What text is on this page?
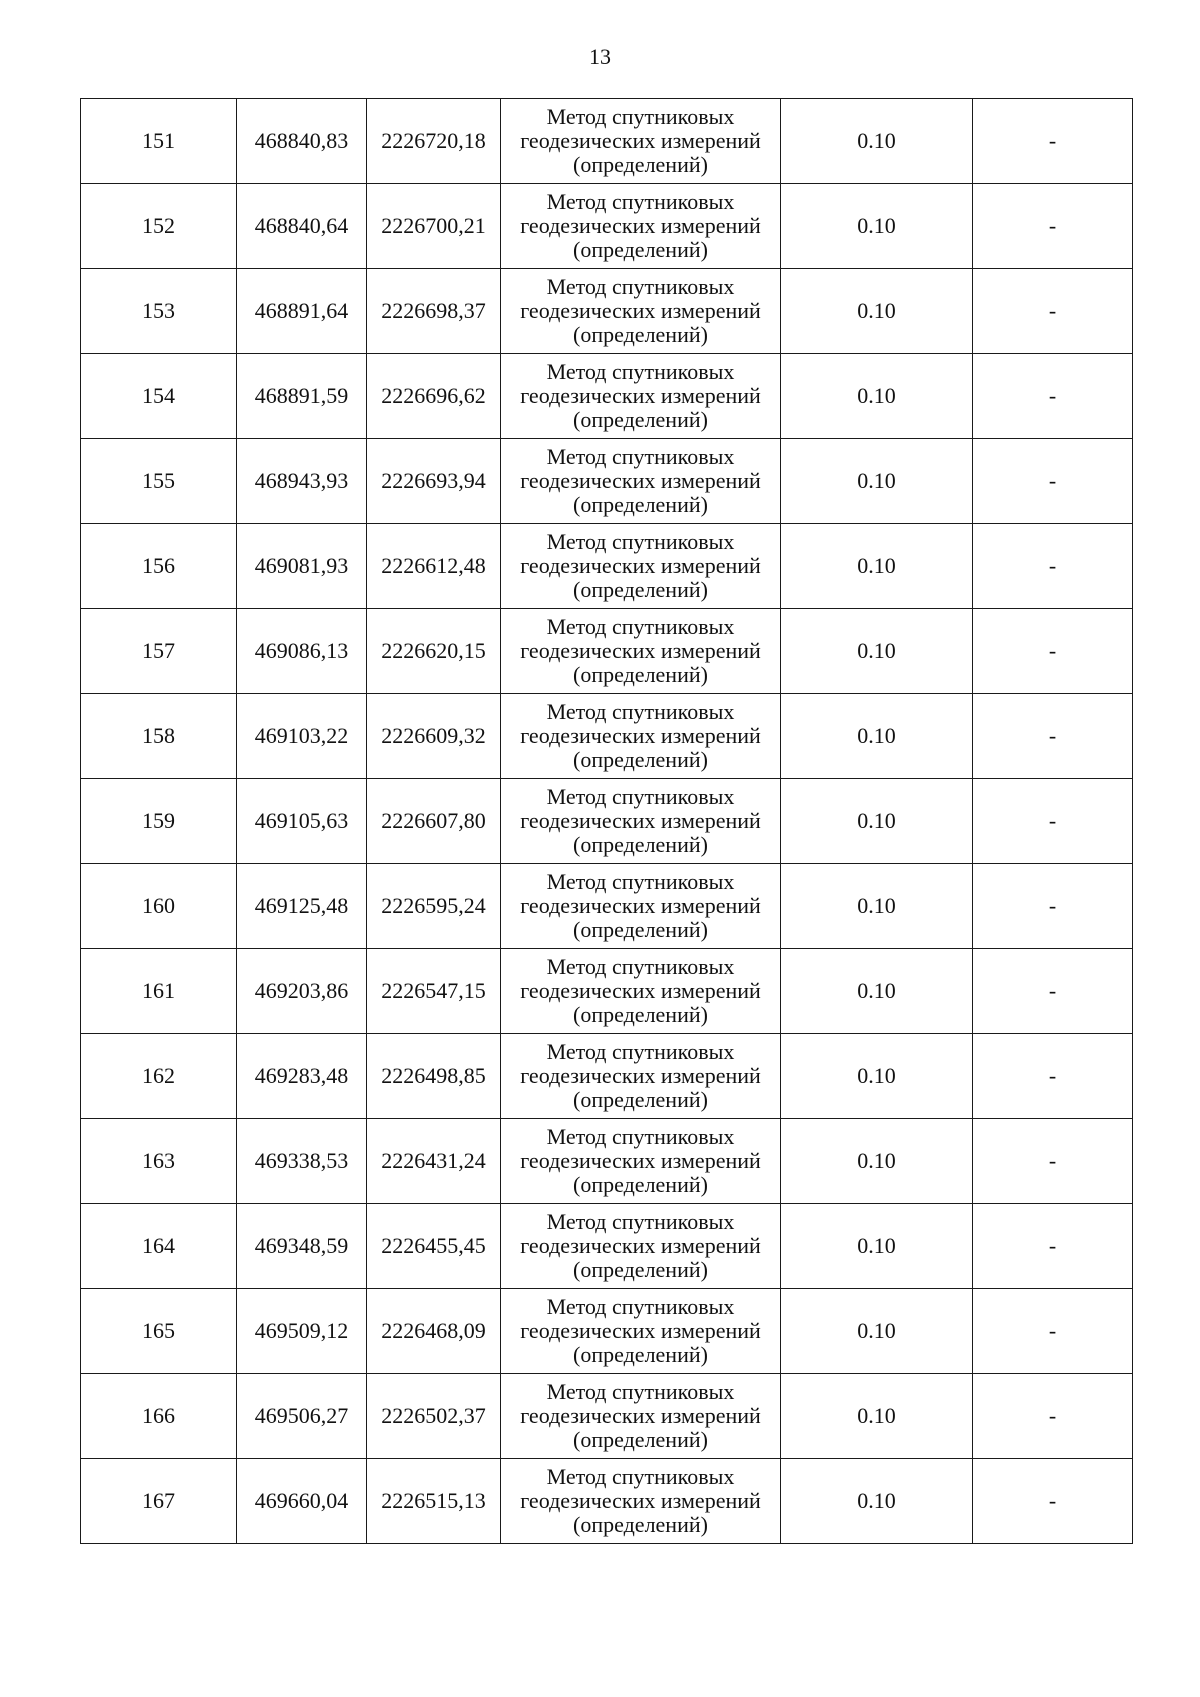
13
151	468840,83	2226720,18	Метод спутниковых
геодезических измерений
(определений)	0.10	-
152	468840,64	2226700,21	Метод спутниковых
геодезических измерений
(определений)	0.10	-
153	468891,64	2226698,37	Метод спутниковых
геодезических измерений
(определений)	0.10	-
154	468891,59	2226696,62	Метод спутниковых
геодезических измерений
(определений)	0.10	-
155	468943,93	2226693,94	Метод спутниковых
геодезических измерений
(определений)	0.10	-
156	469081,93	2226612,48	Метод спутниковых
геодезических измерений
(определений)	0.10	-
157	469086,13	2226620,15	Метод спутниковых
геодезических измерений
(определений)	0.10	-
158	469103,22	2226609,32	Метод спутниковых
геодезических измерений
(определений)	0.10	-
159	469105,63	2226607,80	Метод спутниковых
геодезических измерений
(определений)	0.10	-
160	469125,48	2226595,24	Метод спутниковых
геодезических измерений
(определений)	0.10	-
161	469203,86	2226547,15	Метод спутниковых
геодезических измерений
(определений)	0.10	-
162	469283,48	2226498,85	Метод спутниковых
геодезических измерений
(определений)	0.10	-
163	469338,53	2226431,24	Метод спутниковых
геодезических измерений
(определений)	0.10	-
164	469348,59	2226455,45	Метод спутниковых
геодезических измерений
(определений)	0.10	-
165	469509,12	2226468,09	Метод спутниковых
геодезических измерений
(определений)	0.10	-
166	469506,27	2226502,37	Метод спутниковых
геодезических измерений
(определений)	0.10	-
167	469660,04	2226515,13	Метод спутниковых
геодезических измерений
(определений)	0.10	-
